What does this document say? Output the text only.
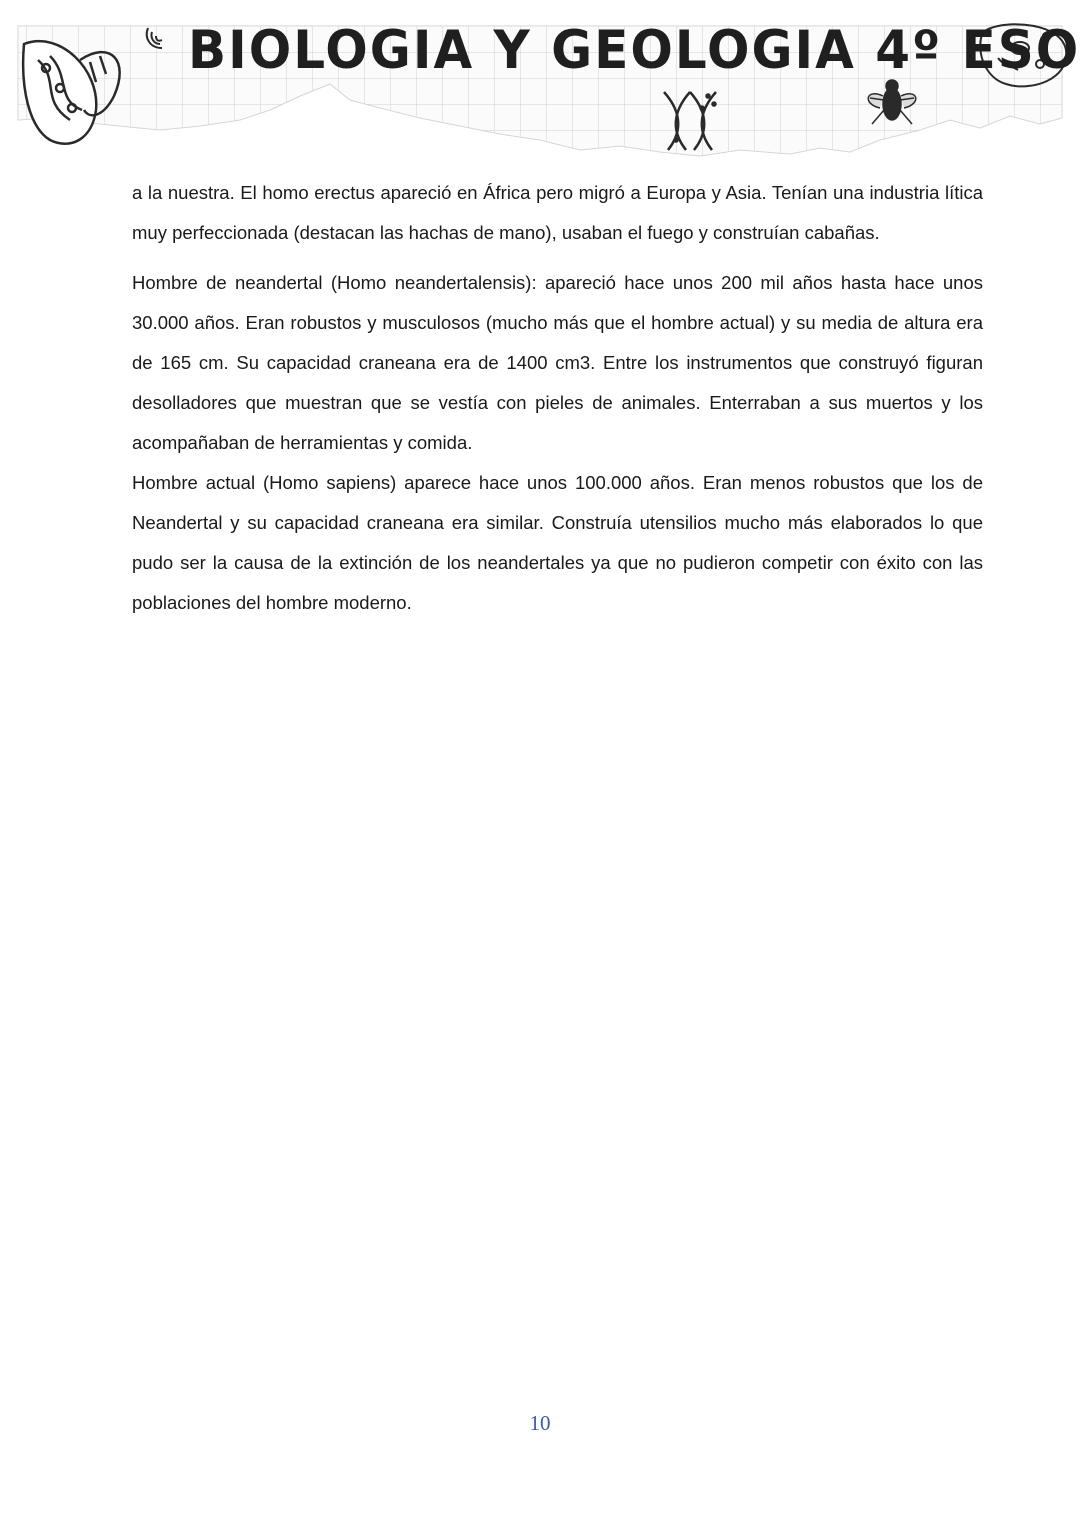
BIOLOGIA Y GEOLOGIA 4º ESO

a la nuestra. El homo erectus apareció en África pero migró a Europa y Asia. Tenían una industria lítica muy perfeccionada (destacan las hachas de mano), usaban el fuego y construían cabañas.

Hombre de neandertal (Homo neandertalensis): apareció hace unos 200 mil años hasta hace unos 30.000 años. Eran robustos y musculosos (mucho más que el hombre actual) y su media de altura era de 165 cm. Su capacidad craneana era de 1400 cm3. Entre los instrumentos que construyó figuran desolladores que muestran que se vestía con pieles de animales. Enterraban a sus muertos y los acompañaban de herramientas y comida.

Hombre actual (Homo sapiens) aparece hace unos 100.000 años. Eran menos robustos que los de Neandertal y su capacidad craneana era similar. Construía utensilios mucho más elaborados lo que pudo ser la causa de la extinción de los neandertales ya que no pudieron competir con éxito con las poblaciones del hombre moderno.

10
